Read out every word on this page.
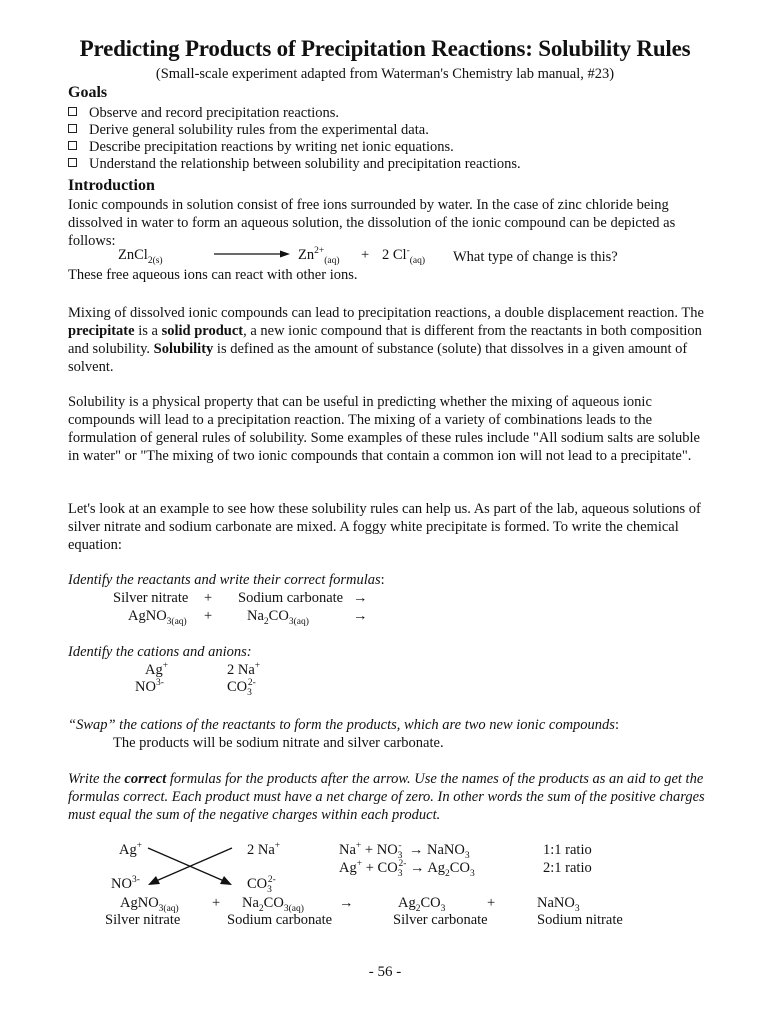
Predicting Products of Precipitation Reactions: Solubility Rules
(Small-scale experiment adapted from Waterman's Chemistry lab manual, #23)
Goals
Observe and record precipitation reactions.
Derive general solubility rules from the experimental data.
Describe precipitation reactions by writing net ionic equations.
Understand the relationship between solubility and precipitation reactions.
Introduction

Ionic compounds in solution consist of free ions surrounded by water. In the case of zinc chloride being dissolved in water to form an aqueous solution, the dissolution of the ionic compound can be depicted as follows:

ZnCl$_{2(s)}$	$Zn^{2+}_{(aq)} + 2$ $Cl^-_{(aq)}$ What type of change is this?
These free aqueous ions can react with other ions.

Mixing of dissolved ionic compounds can lead to precipitation reactions, a double displacement reaction. The precipitate is a solid product, a new ionic compound that is different from the reactants in both composition and solubility. Solubility is defined as the amount of substance (solute) that dissolves in a given amount of solvent.

Solubility is a physical property that can be useful in predicting whether the mixing of aqueous ionic compounds will lead to a precipitation reaction. The mixing of a variety of combinations leads to the formulation of general rules of solubility. Some examples of these rules include "All sodium salts are soluble in water" or "The mixing of two ionic compounds that contain a common ion will not lead to a precipitate".

Let's look at an example to see how these solubility rules can help us. As part of the lab, aqueous solutions of silver nitrate and sodium carbonate are mixed. A foggy white precipitate is formed. To write the chemical equation:

Identify the reactants and write their correct formulas:
Silver nitrate + Sodium carbonate →
AgNO$_{3(aq)}$ + $Na_2CO_{3(aq)}$	→
Identify the cations and anions:
Ag+	2 Na+
$NO^{3-}$	$CO_3^{2-}$
“Swap” the cations of the reactants to form the products, which are two new ionic compounds:
The products will be sodium nitrate and silver carbonate.

Write the correct formulas for the products after the arrow. Use the names of the products as an aid to get the formulas correct. Each product must have a net charge of zero. In other words the sum of the positive charges must equal the sum of the negative charges within each product.

Ag+	2 Na+
$NO^{3-}$	$CO_3^{2-}$
$Na^+ + NO_3^-$ → NaNO$_3$	1:1 ratio
$Ag^+ + CO_3^{2-} \to Ag_2CO_3$	2:1 ratio
AgNO$_{3(aq)}$ + $Na_2CO_{3(aq)}$ →	$Ag_2CO_3$	+	NaNO$_3$
Silver nitrate	Sodium carbonate	Silver carbonate	Sodium nitrate
- 56 -
